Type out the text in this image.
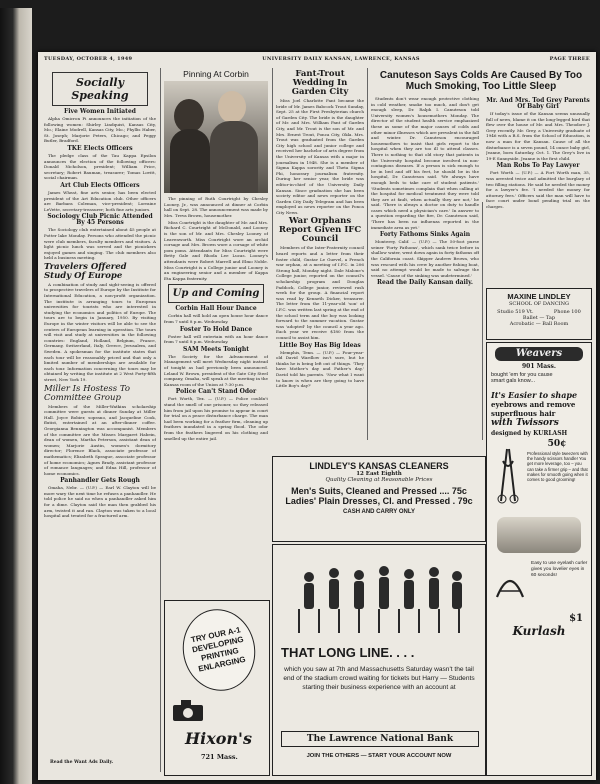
TUESDAY, OCTOBER 4, 1949	UNIVERSITY DAILY KANSAN, LAWRENCE, KANSAS	PAGE THREE
Socially Speaking
Five Women Initiated

Alpha Omicron Pi announces the initiation of the following women: Shirley Lindquist, Kansas City, Mo.; Elaine Modrell, Kansas City, Mo.; Phyllis Haber, St. Joseph; Marjorie Peters, Chicago; and Peggy Butler, Bradford.

TKE Elects Officers

The pledge class of the Tau Kappa Epsilon announces the election of the following officers: Donald Nicholson, president; William Price, secretary; Robert Bauman, treasurer; Tomas Lovitt, social chairman.

Art Club Elects Officers

James Wheat, fine arts senior, has been elected president of the Art Education club. Other officers are Barbara Coleman, vice-president; Lorraine LeVette, secretary-treasurer; both fine arts juniors.

Sociology Club Picnic Attended By 45 Persons

The Sociology club entertained about 45 people at Potter lake Monday. Persons who attended the picnic were club members, faculty members and visitors. A light picnic lunch was served and the picnickers enjoyed games and singing. The club members also held a business meeting.

Travelers Offered Study Of Europe

A combination of study and sight-seeing is offered to prospective travelers of Europe by the Institute for International Education, a non-profit organization. The institute is arranging tours to European universities for tourists who are interested in studying the economics and politics of Europe. The tours are to begin in January, 1950. By visiting Europe in the winter visitors will be able to see the centers of European learning in operation. The tours will visit and study at universities in the following countries: England, Holland, Belgium, France, Germany, Switzerland, Italy, Greece, Jerusalem, and Sweden. A spokesman for the institute states that each tour will be reasonably priced and that only a limited number of memberships are available for each tour. Information concerning the tours may be obtained by writing the institute at 2 West Forty-fifth street, New York 19.

Miller Is Hostess To Committee Group

Members of the Miller-Watkins scholarship committee were guests at dinner Sunday at Miller Hall. Joyce Bobier, soprano, and Jacqueline Cook, flutist, entertained at an after-dinner coffee. Georgianna Bennington was accompanist. Members of the committee are the Misses Margaret Habein, dean of women, Martha Peterson, assistant dean of women; Marjorie Austin, women's dormitory director; Florence Black, associate professor of mathematics; Elizabeth Sprague, associate professor of home economics; Agnes Brady, assistant professor of romance languages; and Edna Hill, professor of home economics.

Panhandler Gets Rough

Omaha, Nebr. — (U.P.) — Earl W. Clayton will be more wary the next time he refuses a panhandler. He told police he said no when a panhandler asked him for a dime. Clayton said the man then grabbed his arm, twisted it and ran. Clayton was taken to a local hospital and treated for a fractured arm.

Read the Want Ads Daily.
Pinning At Corbin

The pinning of Ruth Courtright by Chesley Looney, Jr., was announced at dinner at Corbin hall on Sept. 28. The announcement was made by Mrs. Treva Brown, housemother.

Miss Courtright is the daughter of Mr. and Mrs. Richard C. Courtright of McDonald, and Looney is the son of Mr. and Mrs. Chesley Looney of Leavenworth. Miss Courtright wore an orchid corsage and Mrs. Brown wore a corsage of white pom poms. Attendants for Miss Courtright were Betty Gale and Rhoda Lee Lucas. Looney's attendants were Robert Marrell and Elmo Noble. Miss Courtright is a College junior and Looney is an engineering senior and a member of Kappa Eta Kappa fraternity.

Up and Coming
Corbin Hall Hour Dance

Corbin hall will hold an open house hour dance from 7 until 8 p.m. Wednesday.

Foster To Hold Dance

Foster hall will entertain with an hour dance from 7 until 8 p.m. Wednesday.

SAM Meets Tonight

The Society for the Advancement of Management will meet Wednesday night instead of tonight as had previously been announced. Leland W. Brown, president of the Gate City Steel company, Omaha, will speak at the meeting in the Kansas room of the Union at 7:30 p.m.

Police Can't Stand Odor

Fort Worth, Tex. — (U.P.) — Police couldn't stand the smell of one prisoner, so they released him from jail upon his promise to appear in court for trial on a peace disturbance charge. The man had been working for a feather firm, cleaning up feathers inundated in a spring flood. The odor from the feathers lingered on his clothing and smelled up the entire jail.

Fant-Trout Wedding In Garden City

Miss Joel Charlotte Fant became the bride of Mr. James Babcock Trout Sunday, Sept. 25 at the First Presbyterian church of Garden City. The bride is the daughter of Mr. and Mrs. William Fant of Garden City, and Mr. Trout is the son of Mr. and Mrs. Ernest Trout, Ponca City, Okla. Mrs. Trout was graduated from the Garden City high school and junior college and received her bachelor of arts degree from the University of Kansas with a major in journalism in 1948. She is a member of Sigma Kappa sorority and Theta Sigma Phi, honorary journalism fraternity. During her senior year, the bride was editor-in-chief of the University Daily Kansan. Since graduation she has been society editor and news reporter on the Garden City Daily Telegram and has been employed as news reporter on the Ponca City News.

War Orphans Report Given IFC Council

Members of the Inter-Fraternity council heard reports and a letter from their foster child, Gustav Le Guevel, a French war orphan, at a meeting of I.F.C. in 206 Strong hall, Monday night. Dale Malone's College junior, reported on the council's scholarship program and Douglas Paddock, College junior, reviewed rush week for the group. A financial report was read by Kenneth Dicker, treasurer. The letter from the 11-year-old 'son' of I.F.C. was written last spring at the end of the school term and the boy was looking forward to the summer vacation. Gustav was 'adopted' by the council a year ago. Each year we receive $180 from the council to assist him.

Little Boy Has Big Ideas

Memphis, Tenn. — (U.P.) — Four-year-old David Wardlow isn't sure, but he thinks he is being left out of things. 'They have Mother's day and Father's day,' David told his parents. 'Now what I want to know is when are they going to have Little Boy's day?'

Canuteson Says Colds Are Caused By Too Much Smoking, Too Little Sleep

Students don't wear enough protective clothing in cold weather, smoke too much, and don't get enough sleep, Dr. Ralph I. Canuteson told University women's housemothers Monday. The director of the student health service emphasized these as some of the major causes of colds and other minor illnesses which are prevalent in the fall and winter. Dr. Canuteson encouraged housemothers to insist that girls report to the hospital when they are too ill to attend classes. There is nothing to that old story that patients in the University hospital become involved in non-contagious diseases. If a person is sick enough to be in bed and off his feet, he should be in the hospital, Dr. Canuteson said. 'We always have enough beds to take care of student patients.' 'Students sometimes complain that when calling at the hospital for medical treatment they were told they are at fault, when actually they are not,' he said. 'There is always a doctor on duty to handle cases which need a physician's care.' In answer to a question regarding the fire, Dr. Canuteson said, 'There has been no influenza reported in the immediate area as yet.'

Forty Fathoms Sinks Again

Monterey, Calif. — (U.P.) — The 50-foot purse seiner 'Forty Fathoms', which sank twice before in shallow water, went down again in forty fathoms off the California coast. Skipper Andrew Brown, who was rescued with his crew by another fishing boat, said no attempt would be made to salvage the vessel. 'Cause of the sinking was undetermined.'

Read the Daily Kansan daily.
Mr. And Mrs. Tod Grey Parents Of Baby Girl

If today's issue of the Kansan seems unusually full of news, blame it on the long-legged bird that flew over the house of Mr. and Mrs. Theodore J. Grey recently. Mr. Grey, a University graduate of 1946 with a B.S. from the School of Education, is now a man for the Kansan. Cause of all the disturbance is a seven pound, 14 ounce baby girl, Jeanne, born Saturday, Oct. 1. The Grey's live in 19-E Sunnyside. Jeanne is the first child.

Man Robs To Pay Lawyer

Fort Worth — (U.P.) — A Fort Worth man, 35, was arrested twice and admitted the burglary of two filling stations. He said he needed the money for a lawyer's fee. 'I needed the money for attorney fees.' Officers said the man will have to face court under bond pending trial on the charges.

MAXINE LINDLEY
SCHOOL OF DANCING
Studio 519 Vt.	Phone 100
Ballet — Tap
Acrobatic — Ball Room
Weavers
901 Mass.
bought 'em for you cause
smart gals know...
It's Easier to shape
eyebrows and remove
superfluous hair
with Twissors
designed by KURLASH
50¢
Professional style tweezers with the handy scissors handle! You get more leverage, too – you can take a firmer grip – and that makes for smooth going when it comes to good grooming!
Easy to use eyelash curler gives you lovelier eyes in 60 seconds!
$1
Kurlash
LINDLEY'S KANSAS CLEANERS
12 East Eighth
Quality Cleaning at Reasonable Prices
Men's Suits, Cleaned and Pressed .... 75c
Ladies' Plain Dresses, Cl. and Pressed . 79c
CASH AND CARRY ONLY
THAT LONG LINE. . . .
which you saw at 7th and Massachusetts Saturday wasn't the tail end of the stadium crowd waiting for tickets but Harry — Students starting their business experience with an account at
The Lawrence National Bank
JOIN THE OTHERS — START YOUR ACCOUNT NOW
TRY OUR A-1 DEVELOPING PRINTING ENLARGING
Hixon's
721 Mass.
